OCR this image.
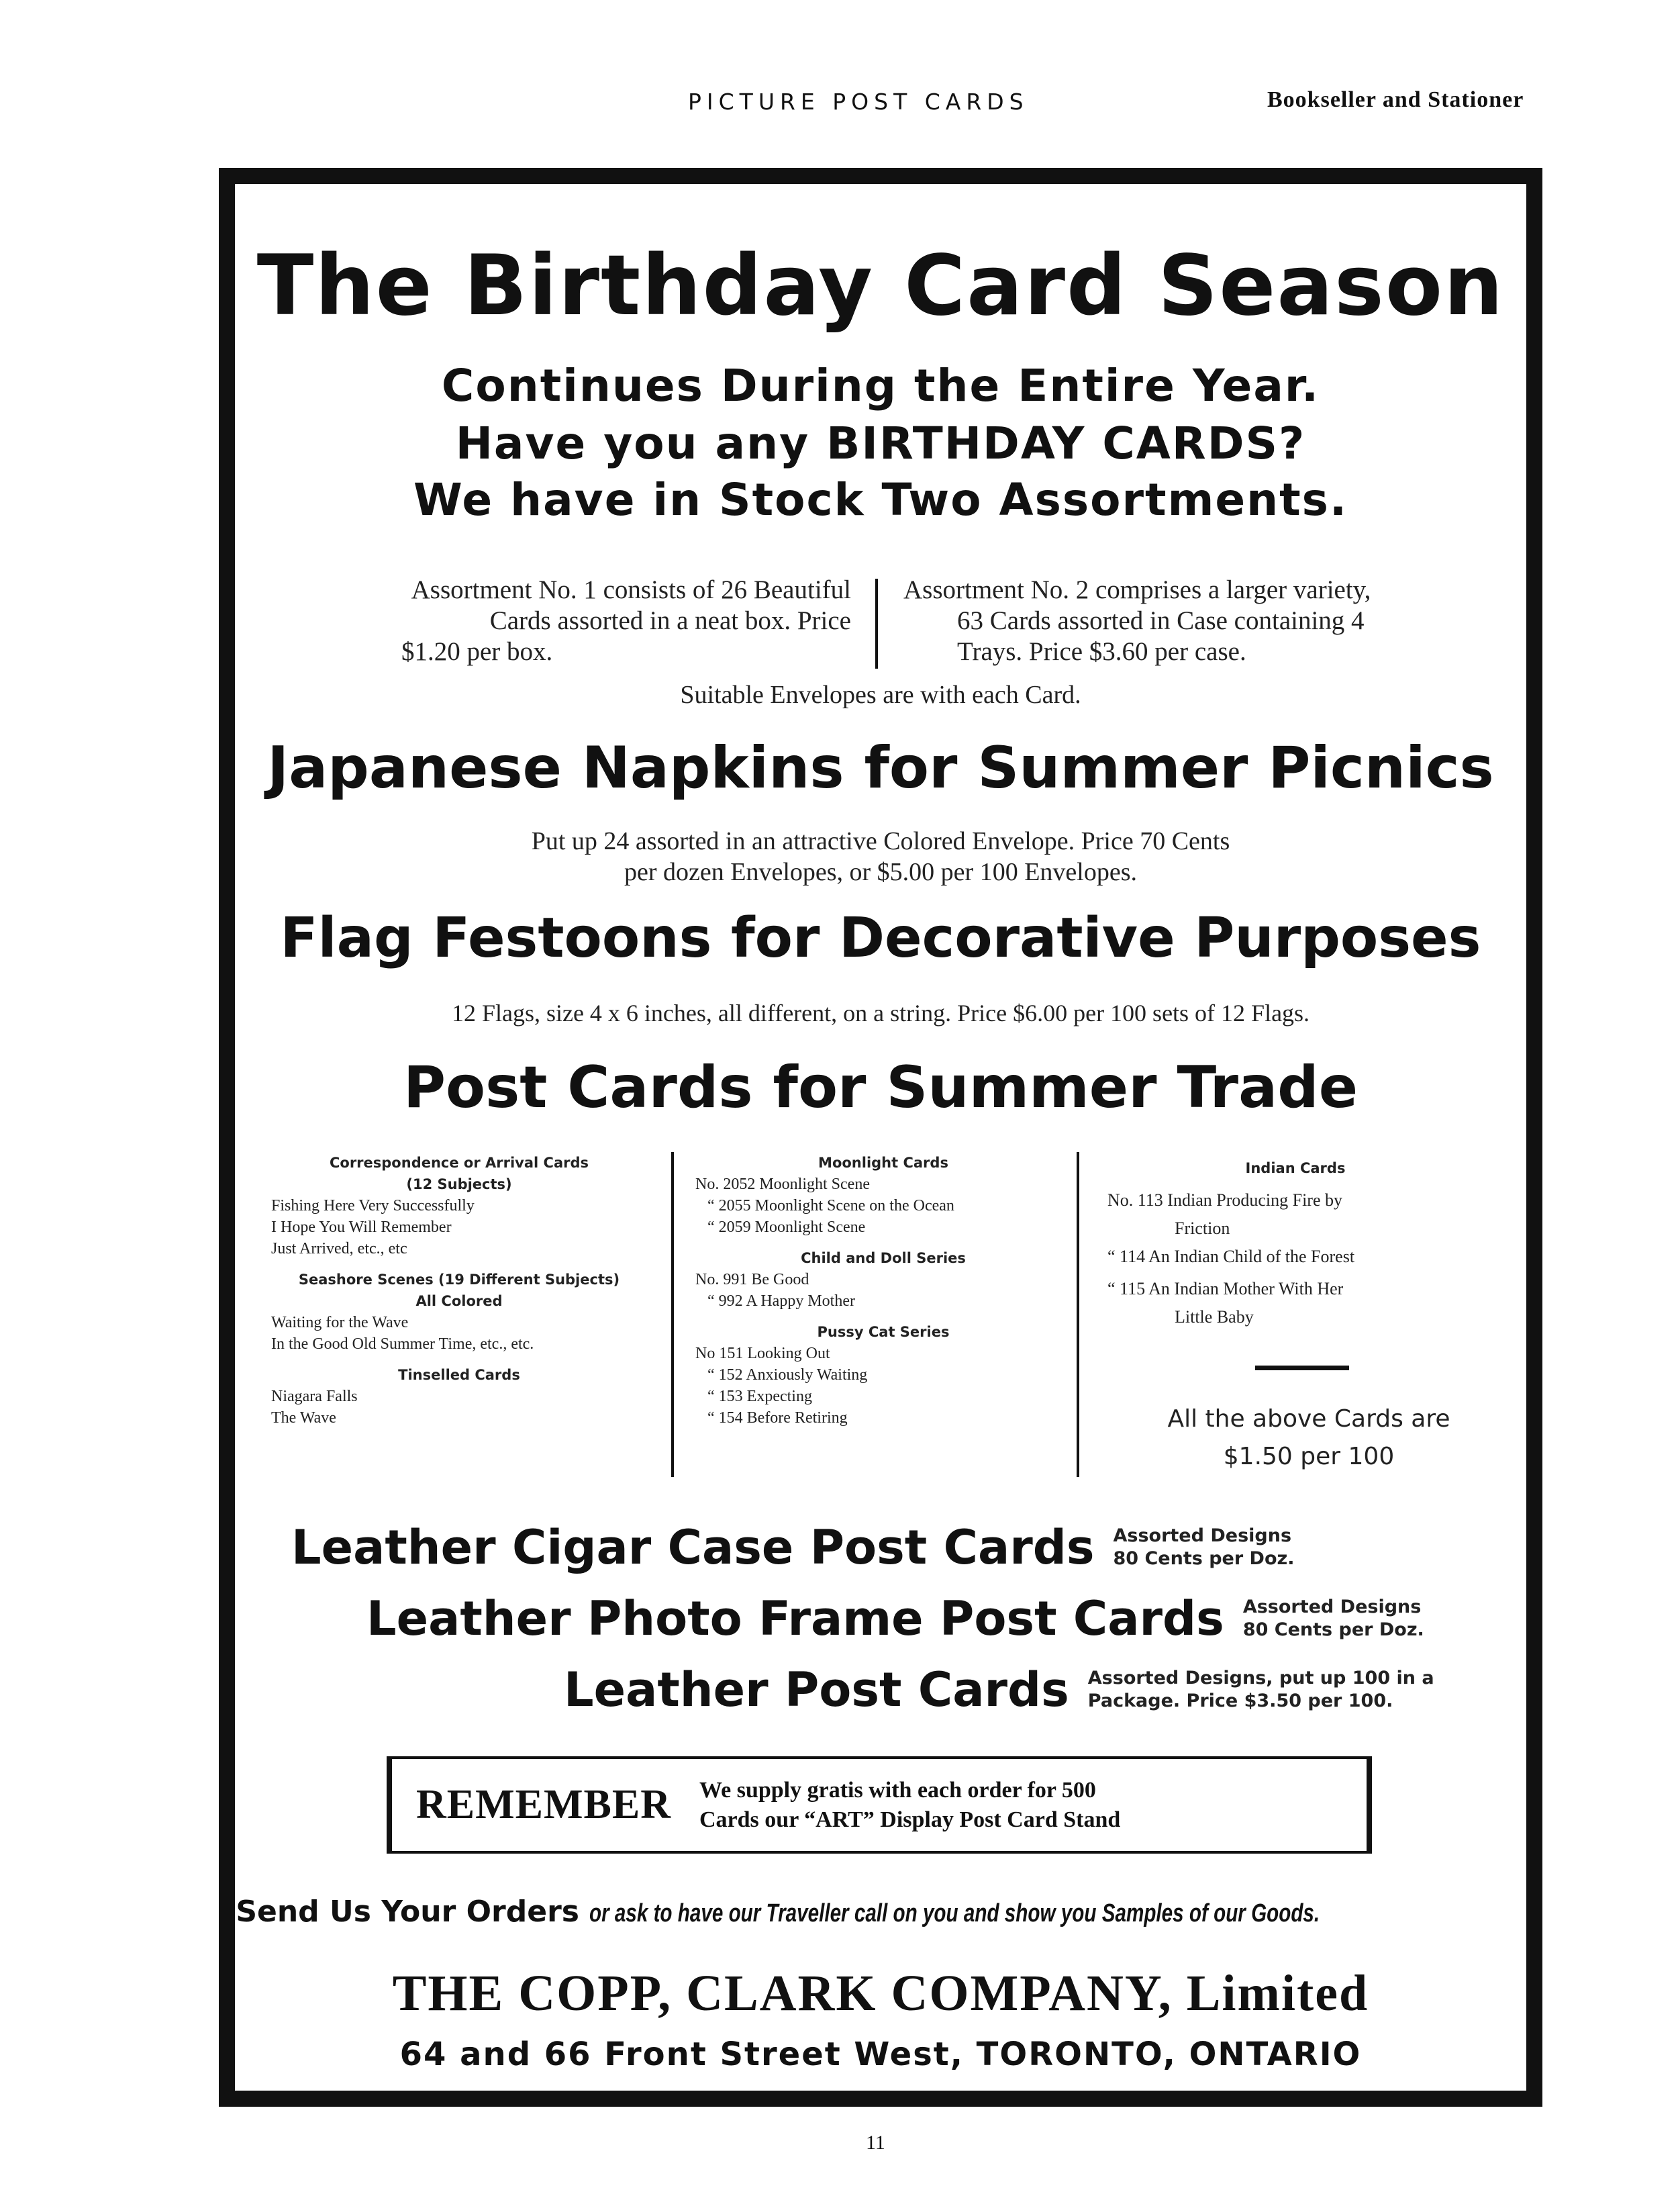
PICTURE POST CARDS	Bookseller and Stationer
The Birthday Card Season
Continues During the Entire Year.
Have you any BIRTHDAY CARDS?
We have in Stock Two Assortments.
Assortment No. 1 consists of 26 Beautiful
Cards assorted in a neat box. Price
$1.20 per box.
Assortment No. 2 comprises a larger variety,
63 Cards assorted in Case containing 4
Trays. Price $3.60 per case.
Suitable Envelopes are with each Card.
Japanese Napkins for Summer Picnics
Put up 24 assorted in an attractive Colored Envelope. Price 70 Cents
per dozen Envelopes, or $5.00 per 100 Envelopes.
Flag Festoons for Decorative Purposes
12 Flags, size 4 x 6 inches, all different, on a string. Price $6.00 per 100 sets of 12 Flags.
Post Cards for Summer Trade
Correspondence or Arrival Cards
(12 Subjects)
Fishing Here Very Successfully
I Hope You Will Remember
Just Arrived, etc., etc
Seashore Scenes (19 Different Subjects)
All Colored
Waiting for the Wave
In the Good Old Summer Time, etc., etc.
Tinselled Cards
Niagara Falls
The Wave
Moonlight Cards
No. 2052 Moonlight Scene
“ 2055 Moonlight Scene on the Ocean
“ 2059 Moonlight Scene
Child and Doll Series
No. 991 Be Good
“ 992 A Happy Mother
Pussy Cat Series
No 151 Looking Out
“ 152 Anxiously Waiting
“ 153 Expecting
“ 154 Before Retiring
Indian Cards
No. 113 Indian Producing Fire by
Friction
“ 114 An Indian Child of the Forest
“ 115 An Indian Mother With Her
Little Baby
All the above Cards are
$1.50 per 100
Leather Cigar Case Post Cards Assorted Designs
80 Cents per Doz.
Leather Photo Frame Post Cards Assorted Designs
80 Cents per Doz.
Leather Post Cards Assorted Designs, put up 100 in a
Package. Price $3.50 per 100.
REMEMBER We supply gratis with each order for 500
Cards our “ART” Display Post Card Stand
Send Us Your Orders or ask to have our Traveller call on you and show you Samples of our Goods.
THE COPP, CLARK COMPANY, Limited
64 and 66 Front Street West, TORONTO, ONTARIO
11
